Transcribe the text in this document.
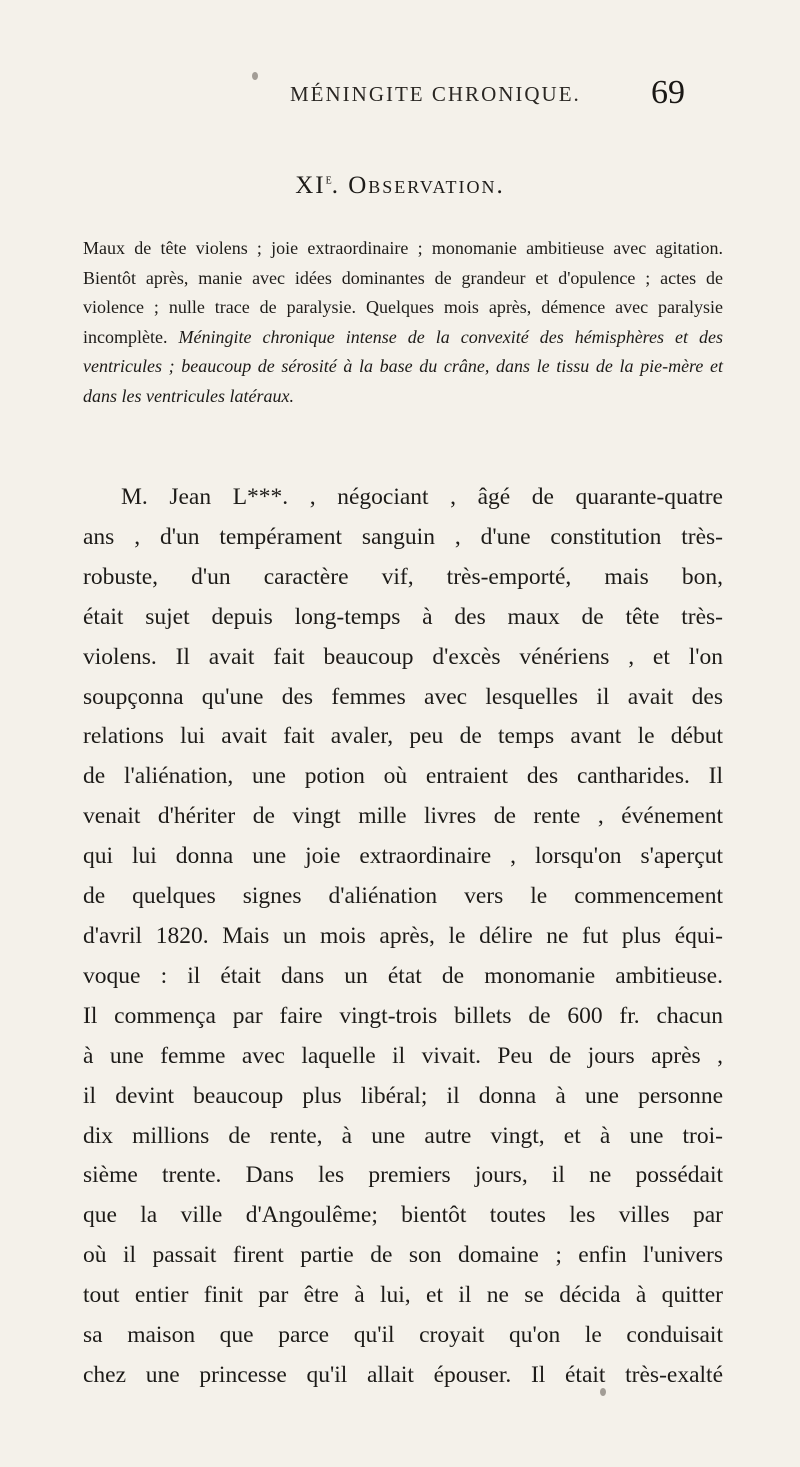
MÉNINGITE CHRONIQUE. 69
XIe. Observation.

Maux de tête violens ; joie extraordinaire ; monomanie ambitieuse avec agitation. Bientôt après, manie avec idées dominantes de grandeur et d'opulence ; actes de violence ; nulle trace de paralysie. Quelques mois après, démence avec paralysie incomplète. Méningite chronique intense de la convexité des hémisphères et des ventricules ; beaucoup de sérosité à la base du crâne, dans le tissu de la pie-mère et dans les ventricules latéraux.

M. Jean L***. , négociant , âgé de quarante-quatre
ans , d'un tempérament sanguin , d'une constitution très-
robuste, d'un caractère vif, très-emporté, mais bon,
était sujet depuis long-temps à des maux de tête très-
violens. Il avait fait beaucoup d'excès vénériens , et l'on
soupçonna qu'une des femmes avec lesquelles il avait des
relations lui avait fait avaler, peu de temps avant le début
de l'aliénation, une potion où entraient des cantharides. Il
venait d'hériter de vingt mille livres de rente , événement
qui lui donna une joie extraordinaire , lorsqu'on s'aperçut
de quelques signes d'aliénation vers le commencement
d'avril 1820. Mais un mois après, le délire ne fut plus équi-
voque : il était dans un état de monomanie ambitieuse.
Il commença par faire vingt-trois billets de 600 fr. chacun
à une femme avec laquelle il vivait. Peu de jours après ,
il devint beaucoup plus libéral; il donna à une personne
dix millions de rente, à une autre vingt, et à une troi-
sième trente. Dans les premiers jours, il ne possédait
que la ville d'Angoulême; bientôt toutes les villes par
où il passait firent partie de son domaine ; enfin l'univers
tout entier finit par être à lui, et il ne se décida à quitter
sa maison que parce qu'il croyait qu'on le conduisait
chez une princesse qu'il allait épouser. Il était très-exalté
